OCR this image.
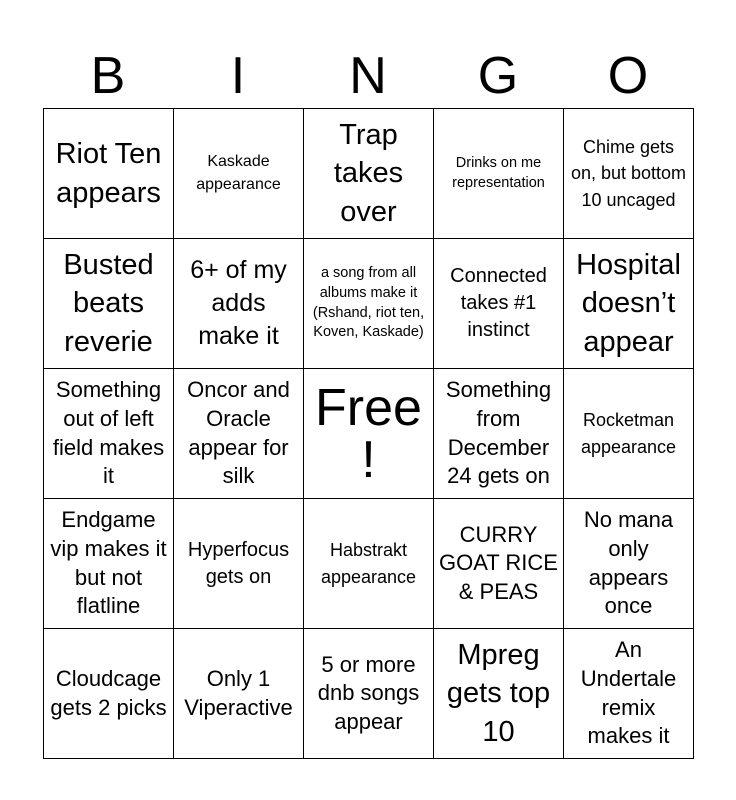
B	I	N	G	O
Riot Ten appears	Kaskade appearance	Trap takes over	Drinks on me representation	Chime gets on, but bottom 10 uncaged
Busted beats reverie	6+ of my adds make it	a song from all albums make it (Rshand, riot ten, Koven, Kaskade)	Connected takes #1 instinct	Hospital doesn’t appear
Something out of left field makes it	Oncor and Oracle appear for silk	Free!	Something from December 24 gets on	Rocketman appearance
Endgame vip makes it but not flatline	Hyperfocus gets on	Habstrakt appearance	CURRY GOAT RICE & PEAS	No mana only appears once
Cloudcage gets 2 picks	Only 1 Viperactive	5 or more dnb songs appear	Mpreg gets top 10	An Undertale remix makes it
